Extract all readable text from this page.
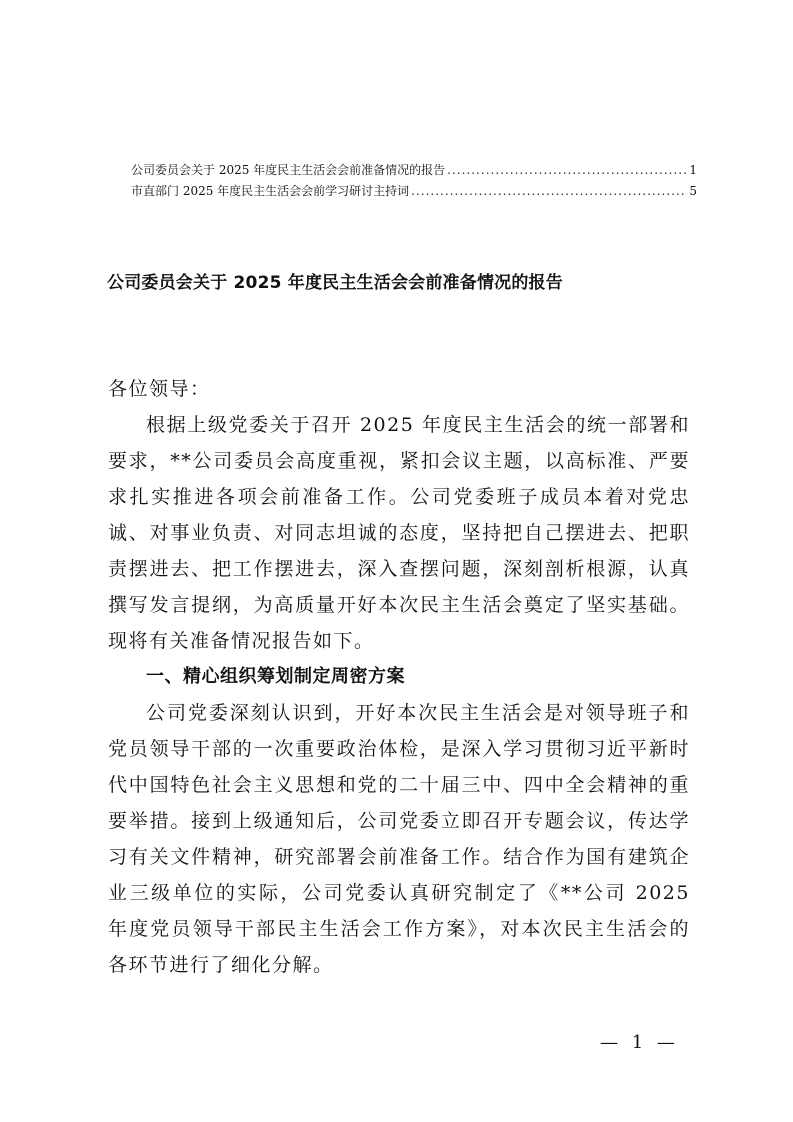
公司委员会关于 2025 年度民主生活会会前准备情况的报告 .....	1
市直部门 2025 年度民主生活会会前学习研讨主持词 .....	5
公司委员会关于 2025 年度民主生活会会前准备情况的报告
各位领导：

根据上级党委关于召开 2025 年度民主生活会的统一部署和要求，**公司委员会高度重视，紧扣会议主题，以高标准、严要求扎实推进各项会前准备工作。公司党委班子成员本着对党忠诚、对事业负责、对同志坦诚的态度，坚持把自己摆进去、把职责摆进去、把工作摆进去，深入查摆问题，深刻剖析根源，认真撰写发言提纲，为高质量开好本次民主生活会奠定了坚实基础。现将有关准备情况报告如下。

一、精心组织筹划制定周密方案

公司党委深刻认识到，开好本次民主生活会是对领导班子和党员领导干部的一次重要政治体检，是深入学习贯彻习近平新时代中国特色社会主义思想和党的二十届三中、四中全会精神的重要举措。接到上级通知后，公司党委立即召开专题会议，传达学习有关文件精神，研究部署会前准备工作。结合作为国有建筑企业三级单位的实际，公司党委认真研究制定了《**公司 2025 年度党员领导干部民主生活会工作方案》，对本次民主生活会的各环节进行了细化分解。

— 1 —
